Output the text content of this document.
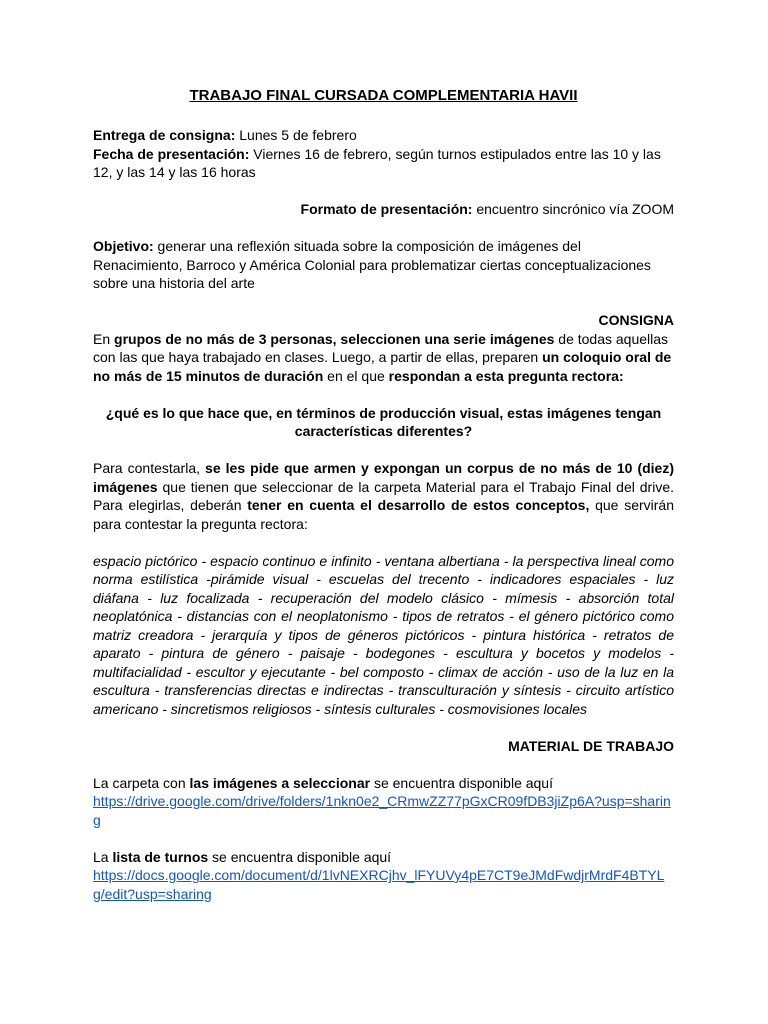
TRABAJO FINAL CURSADA COMPLEMENTARIA HAVII

Entrega de consigna: Lunes 5 de febrero

Fecha de presentación: Viernes 16 de febrero, según turnos estipulados entre las 10 y las 12, y las 14 y las 16 horas

Formato de presentación: encuentro sincrónico vía ZOOM

Objetivo: generar una reflexión situada sobre la composición de imágenes del Renacimiento, Barroco y América Colonial para problematizar ciertas conceptualizaciones sobre una historia del arte

CONSIGNA

En grupos de no más de 3 personas, seleccionen una serie imágenes de todas aquellas con las que haya trabajado en clases. Luego, a partir de ellas, preparen un coloquio oral de no más de 15 minutos de duración en el que respondan a esta pregunta rectora:

¿qué es lo que hace que, en términos de producción visual, estas imágenes tengan características diferentes?

Para contestarla, se les pide que armen y expongan un corpus de no más de 10 (diez) imágenes que tienen que seleccionar de la carpeta Material para el Trabajo Final del drive. Para elegirlas, deberán tener en cuenta el desarrollo de estos conceptos, que servirán para contestar la pregunta rectora:

espacio pictórico - espacio continuo e infinito - ventana albertiana - la perspectiva lineal como norma estilística -pirámide visual - escuelas del trecento - indicadores espaciales - luz diáfana - luz focalizada - recuperación del modelo clásico - mímesis - absorción total neoplatónica - distancias con el neoplatonismo - tipos de retratos - el género pictórico como matriz creadora - jerarquía y tipos de géneros pictóricos - pintura histórica - retratos de aparato - pintura de género - paisaje - bodegones - escultura y bocetos y modelos - multifacialidad - escultor y ejecutante - bel composto - climax de acción - uso de la luz en la escultura - transferencias directas e indirectas - transculturación y síntesis - circuito artístico americano - sincretismos religiosos - síntesis culturales - cosmovisiones locales

MATERIAL DE TRABAJO

La carpeta con las imágenes a seleccionar se encuentra disponible aquí

https://drive.google.com/drive/folders/1nkn0e2_CRmwZZ77pGxCR09fDB3jiZp6A?usp=sharing

La lista de turnos se encuentra disponible aquí

https://docs.google.com/document/d/1lvNEXRCjhv_lFYUVy4pE7CT9eJMdFwdjrMrdF4BTYLg/edit?usp=sharing
